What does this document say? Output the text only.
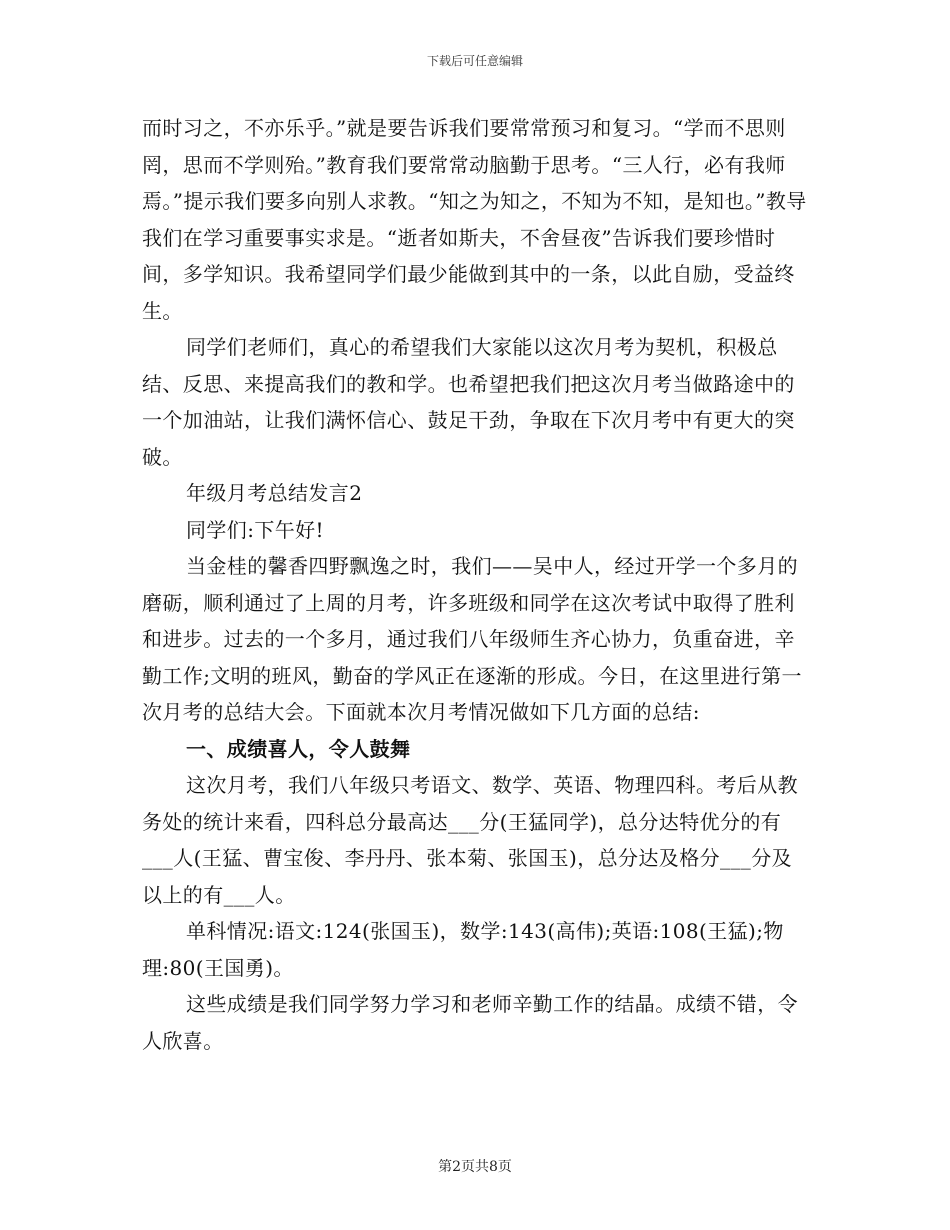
下载后可任意编辑

而时习之，不亦乐乎。”就是要告诉我们要常常预习和复习。“学而不思则罔，思而不学则殆。”教育我们要常常动脑勤于思考。“三人行，必有我师焉。”提示我们要多向别人求教。“知之为知之，不知为不知，是知也。”教导我们在学习重要事实求是。“逝者如斯夫，不舍昼夜”告诉我们要珍惜时间，多学知识。我希望同学们最少能做到其中的一条，以此自励，受益终生。

同学们老师们，真心的希望我们大家能以这次月考为契机，积极总结、反思、来提高我们的教和学。也希望把我们把这次月考当做路途中的一个加油站，让我们满怀信心、鼓足干劲，争取在下次月考中有更大的突破。

年级月考总结发言2

同学们:下午好!

当金桂的馨香四野飘逸之时，我们——吴中人，经过开学一个多月的磨砺，顺利通过了上周的月考，许多班级和同学在这次考试中取得了胜利和进步。过去的一个多月，通过我们八年级师生齐心协力，负重奋进，辛勤工作;文明的班风，勤奋的学风正在逐渐的形成。今日，在这里进行第一次月考的总结大会。下面就本次月考情况做如下几方面的总结:

一、成绩喜人，令人鼓舞

这次月考，我们八年级只考语文、数学、英语、物理四科。考后从教务处的统计来看，四科总分最高达___分(王猛同学)，总分达特优分的有___人(王猛、曹宝俊、李丹丹、张本菊、张国玉)，总分达及格分___分及以上的有___人。

单科情况:语文:124(张国玉)，数学:143(高伟);英语:108(王猛);物理:80(王国勇)。

这些成绩是我们同学努力学习和老师辛勤工作的结晶。成绩不错，令人欣喜。

第2页共8页
